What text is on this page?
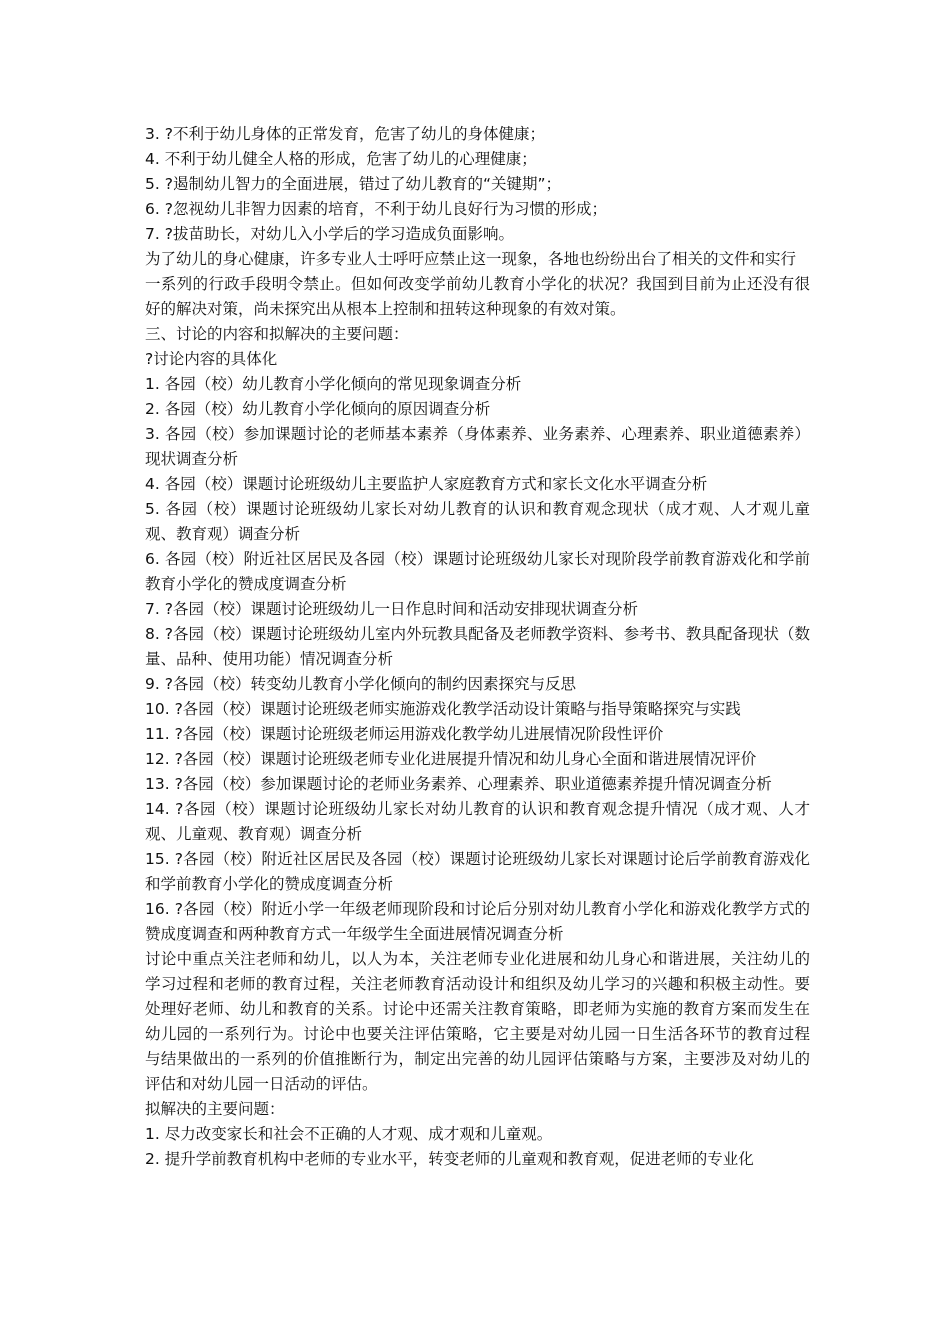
3. ?不利于幼儿身体的正常发育，危害了幼儿的身体健康；
4. 不利于幼儿健全人格的形成，危害了幼儿的心理健康；
5. ?遏制幼儿智力的全面进展，错过了幼儿教育的“关键期”；
6. ?忽视幼儿非智力因素的培育，不利于幼儿良好行为习惯的形成；
7. ?拔苗助长，对幼儿入小学后的学习造成负面影响。
为了幼儿的身心健康，许多专业人士呼吁应禁止这一现象，各地也纷纷出台了相关的文件和实行
一系列的行政手段明令禁止。但如何改变学前幼儿教育小学化的状况？我国到目前为止还没有很好的解决对策，尚未探究出从根本上控制和扭转这种现象的有效对策。
三、讨论的内容和拟解决的主要问题：
?讨论内容的具体化
1. 各园（校）幼儿教育小学化倾向的常见现象调查分析
2. 各园（校）幼儿教育小学化倾向的原因调查分析
3. 各园（校）参加课题讨论的老师基本素养（身体素养、业务素养、心理素养、职业道德素养）现状调查分析
4. 各园（校）课题讨论班级幼儿主要监护人家庭教育方式和家长文化水平调查分析
5. 各园（校）课题讨论班级幼儿家长对幼儿教育的认识和教育观念现状（成才观、人才观儿童观、教育观）调查分析
6. 各园（校）附近社区居民及各园（校）课题讨论班级幼儿家长对现阶段学前教育游戏化和学前教育小学化的赞成度调查分析
7. ?各园（校）课题讨论班级幼儿一日作息时间和活动安排现状调查分析
8. ?各园（校）课题讨论班级幼儿室内外玩教具配备及老师教学资料、参考书、教具配备现状（数量、品种、使用功能）情况调查分析
9. ?各园（校）转变幼儿教育小学化倾向的制约因素探究与反思
10. ?各园（校）课题讨论班级老师实施游戏化教学活动设计策略与指导策略探究与实践
11. ?各园（校）课题讨论班级老师运用游戏化教学幼儿进展情况阶段性评价
12. ?各园（校）课题讨论班级老师专业化进展提升情况和幼儿身心全面和谐进展情况评价
13. ?各园（校）参加课题讨论的老师业务素养、心理素养、职业道德素养提升情况调查分析
14. ?各园（校）课题讨论班级幼儿家长对幼儿教育的认识和教育观念提升情况（成才观、人才观、儿童观、教育观）调查分析
15. ?各园（校）附近社区居民及各园（校）课题讨论班级幼儿家长对课题讨论后学前教育游戏化和学前教育小学化的赞成度调查分析
16. ?各园（校）附近小学一年级老师现阶段和讨论后分别对幼儿教育小学化和游戏化教学方式的赞成度调查和两种教育方式一年级学生全面进展情况调查分析
讨论中重点关注老师和幼儿，以人为本，关注老师专业化进展和幼儿身心和谐进展，关注幼儿的学习过程和老师的教育过程，关注老师教育活动设计和组织及幼儿学习的兴趣和积极主动性。要处理好老师、幼儿和教育的关系。讨论中还需关注教育策略，即老师为实施的教育方案而发生在幼儿园的一系列行为。讨论中也要关注评估策略，它主要是对幼儿园一日生活各环节的教育过程与结果做出的一系列的价值推断行为，制定出完善的幼儿园评估策略与方案，主要涉及对幼儿的评估和对幼儿园一日活动的评估。
拟解决的主要问题：
1. 尽力改变家长和社会不正确的人才观、成才观和儿童观。
2. 提升学前教育机构中老师的专业水平，转变老师的儿童观和教育观，促进老师的专业化
